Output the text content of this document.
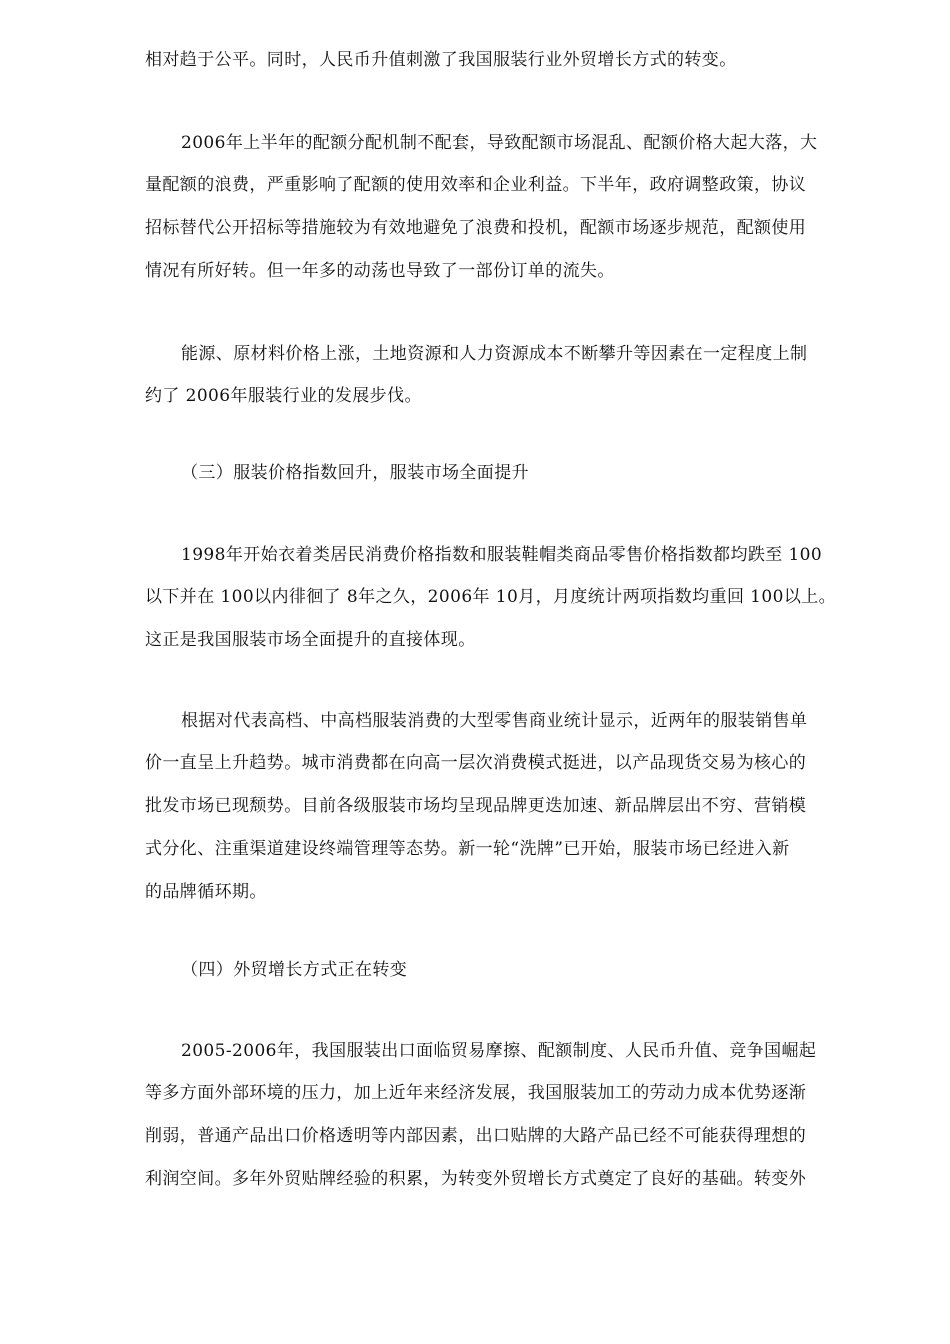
相对趋于公平。同时，人民币升值刺激了我国服装行业外贸增长方式的转变。
2006年上半年的配额分配机制不配套，导致配额市场混乱、配额价格大起大落，大
量配额的浪费，严重影响了配额的使用效率和企业利益。下半年，政府调整政策，协议
招标替代公开招标等措施较为有效地避免了浪费和投机，配额市场逐步规范，配额使用
情况有所好转。但一年多的动荡也导致了一部份订单的流失。
能源、原材料价格上涨，土地资源和人力资源成本不断攀升等因素在一定程度上制
约了 2006年服装行业的发展步伐。
（三）服装价格指数回升，服装市场全面提升
1998年开始衣着类居民消费价格指数和服装鞋帽类商品零售价格指数都均跌至 100
以下并在 100以内徘徊了 8年之久，2006年 10月，月度统计两项指数均重回 100以上。
这正是我国服装市场全面提升的直接体现。
根据对代表高档、中高档服装消费的大型零售商业统计显示，近两年的服装销售单
价一直呈上升趋势。城市消费都在向高一层次消费模式挺进，以产品现货交易为核心的
批发市场已现颓势。目前各级服装市场均呈现品牌更迭加速、新品牌层出不穷、营销模
式分化、注重渠道建设终端管理等态势。新一轮“洗牌”已开始，服装市场已经进入新
的品牌循环期。
（四）外贸增长方式正在转变
2005-2006年，我国服装出口面临贸易摩擦、配额制度、人民币升值、竞争国崛起
等多方面外部环境的压力，加上近年来经济发展，我国服装加工的劳动力成本优势逐渐
削弱，普通产品出口价格透明等内部因素，出口贴牌的大路产品已经不可能获得理想的
利润空间。多年外贸贴牌经验的积累，为转变外贸增长方式奠定了良好的基础。转变外
